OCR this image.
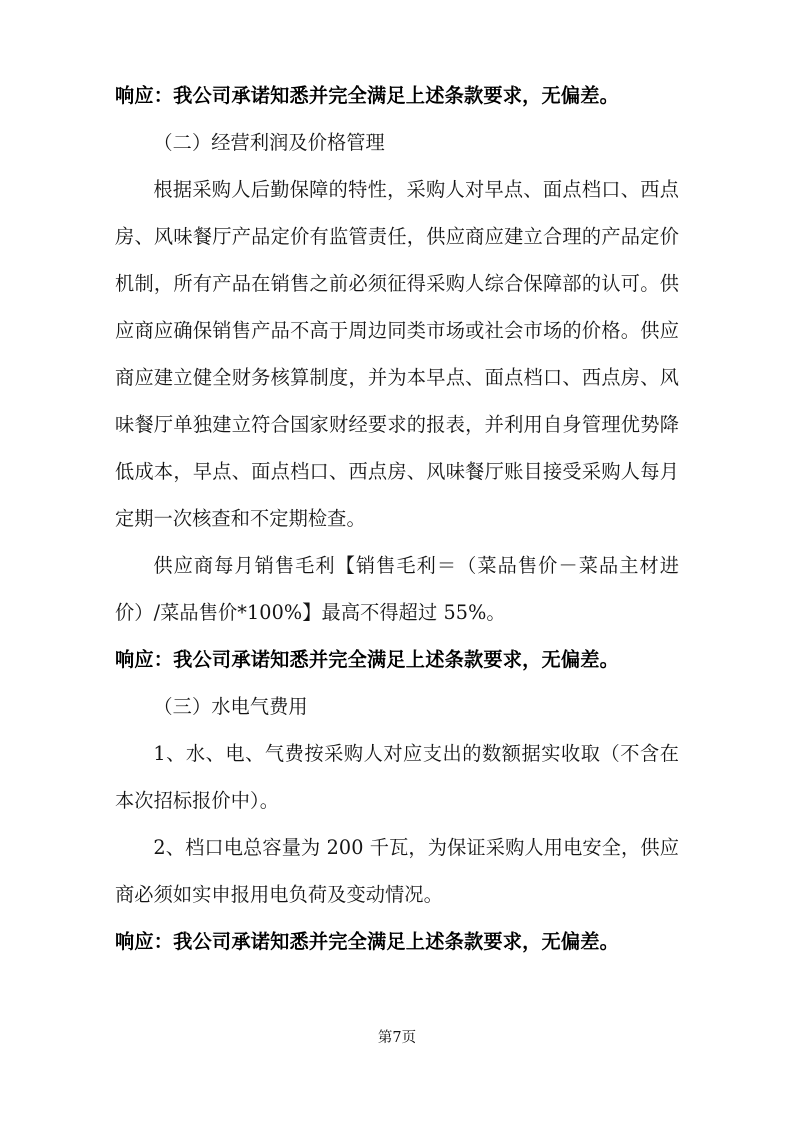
响应：我公司承诺知悉并完全满足上述条款要求，无偏差。

（二）经营利润及价格管理

根据采购人后勤保障的特性，采购人对早点、面点档口、西点房、风味餐厅产品定价有监管责任，供应商应建立合理的产品定价机制，所有产品在销售之前必须征得采购人综合保障部的认可。供应商应确保销售产品不高于周边同类市场或社会市场的价格。供应商应建立健全财务核算制度，并为本早点、面点档口、西点房、风味餐厅单独建立符合国家财经要求的报表，并利用自身管理优势降低成本，早点、面点档口、西点房、风味餐厅账目接受采购人每月定期一次核查和不定期检查。

供应商每月销售毛利【销售毛利＝（菜品售价－菜品主材进价）/菜品售价*100%】最高不得超过 55%。

响应：我公司承诺知悉并完全满足上述条款要求，无偏差。

（三）水电气费用

1、水、电、气费按采购人对应支出的数额据实收取（不含在本次招标报价中）。

2、档口电总容量为 200 千瓦，为保证采购人用电安全，供应商必须如实申报用电负荷及变动情况。

响应：我公司承诺知悉并完全满足上述条款要求，无偏差。

第7页
